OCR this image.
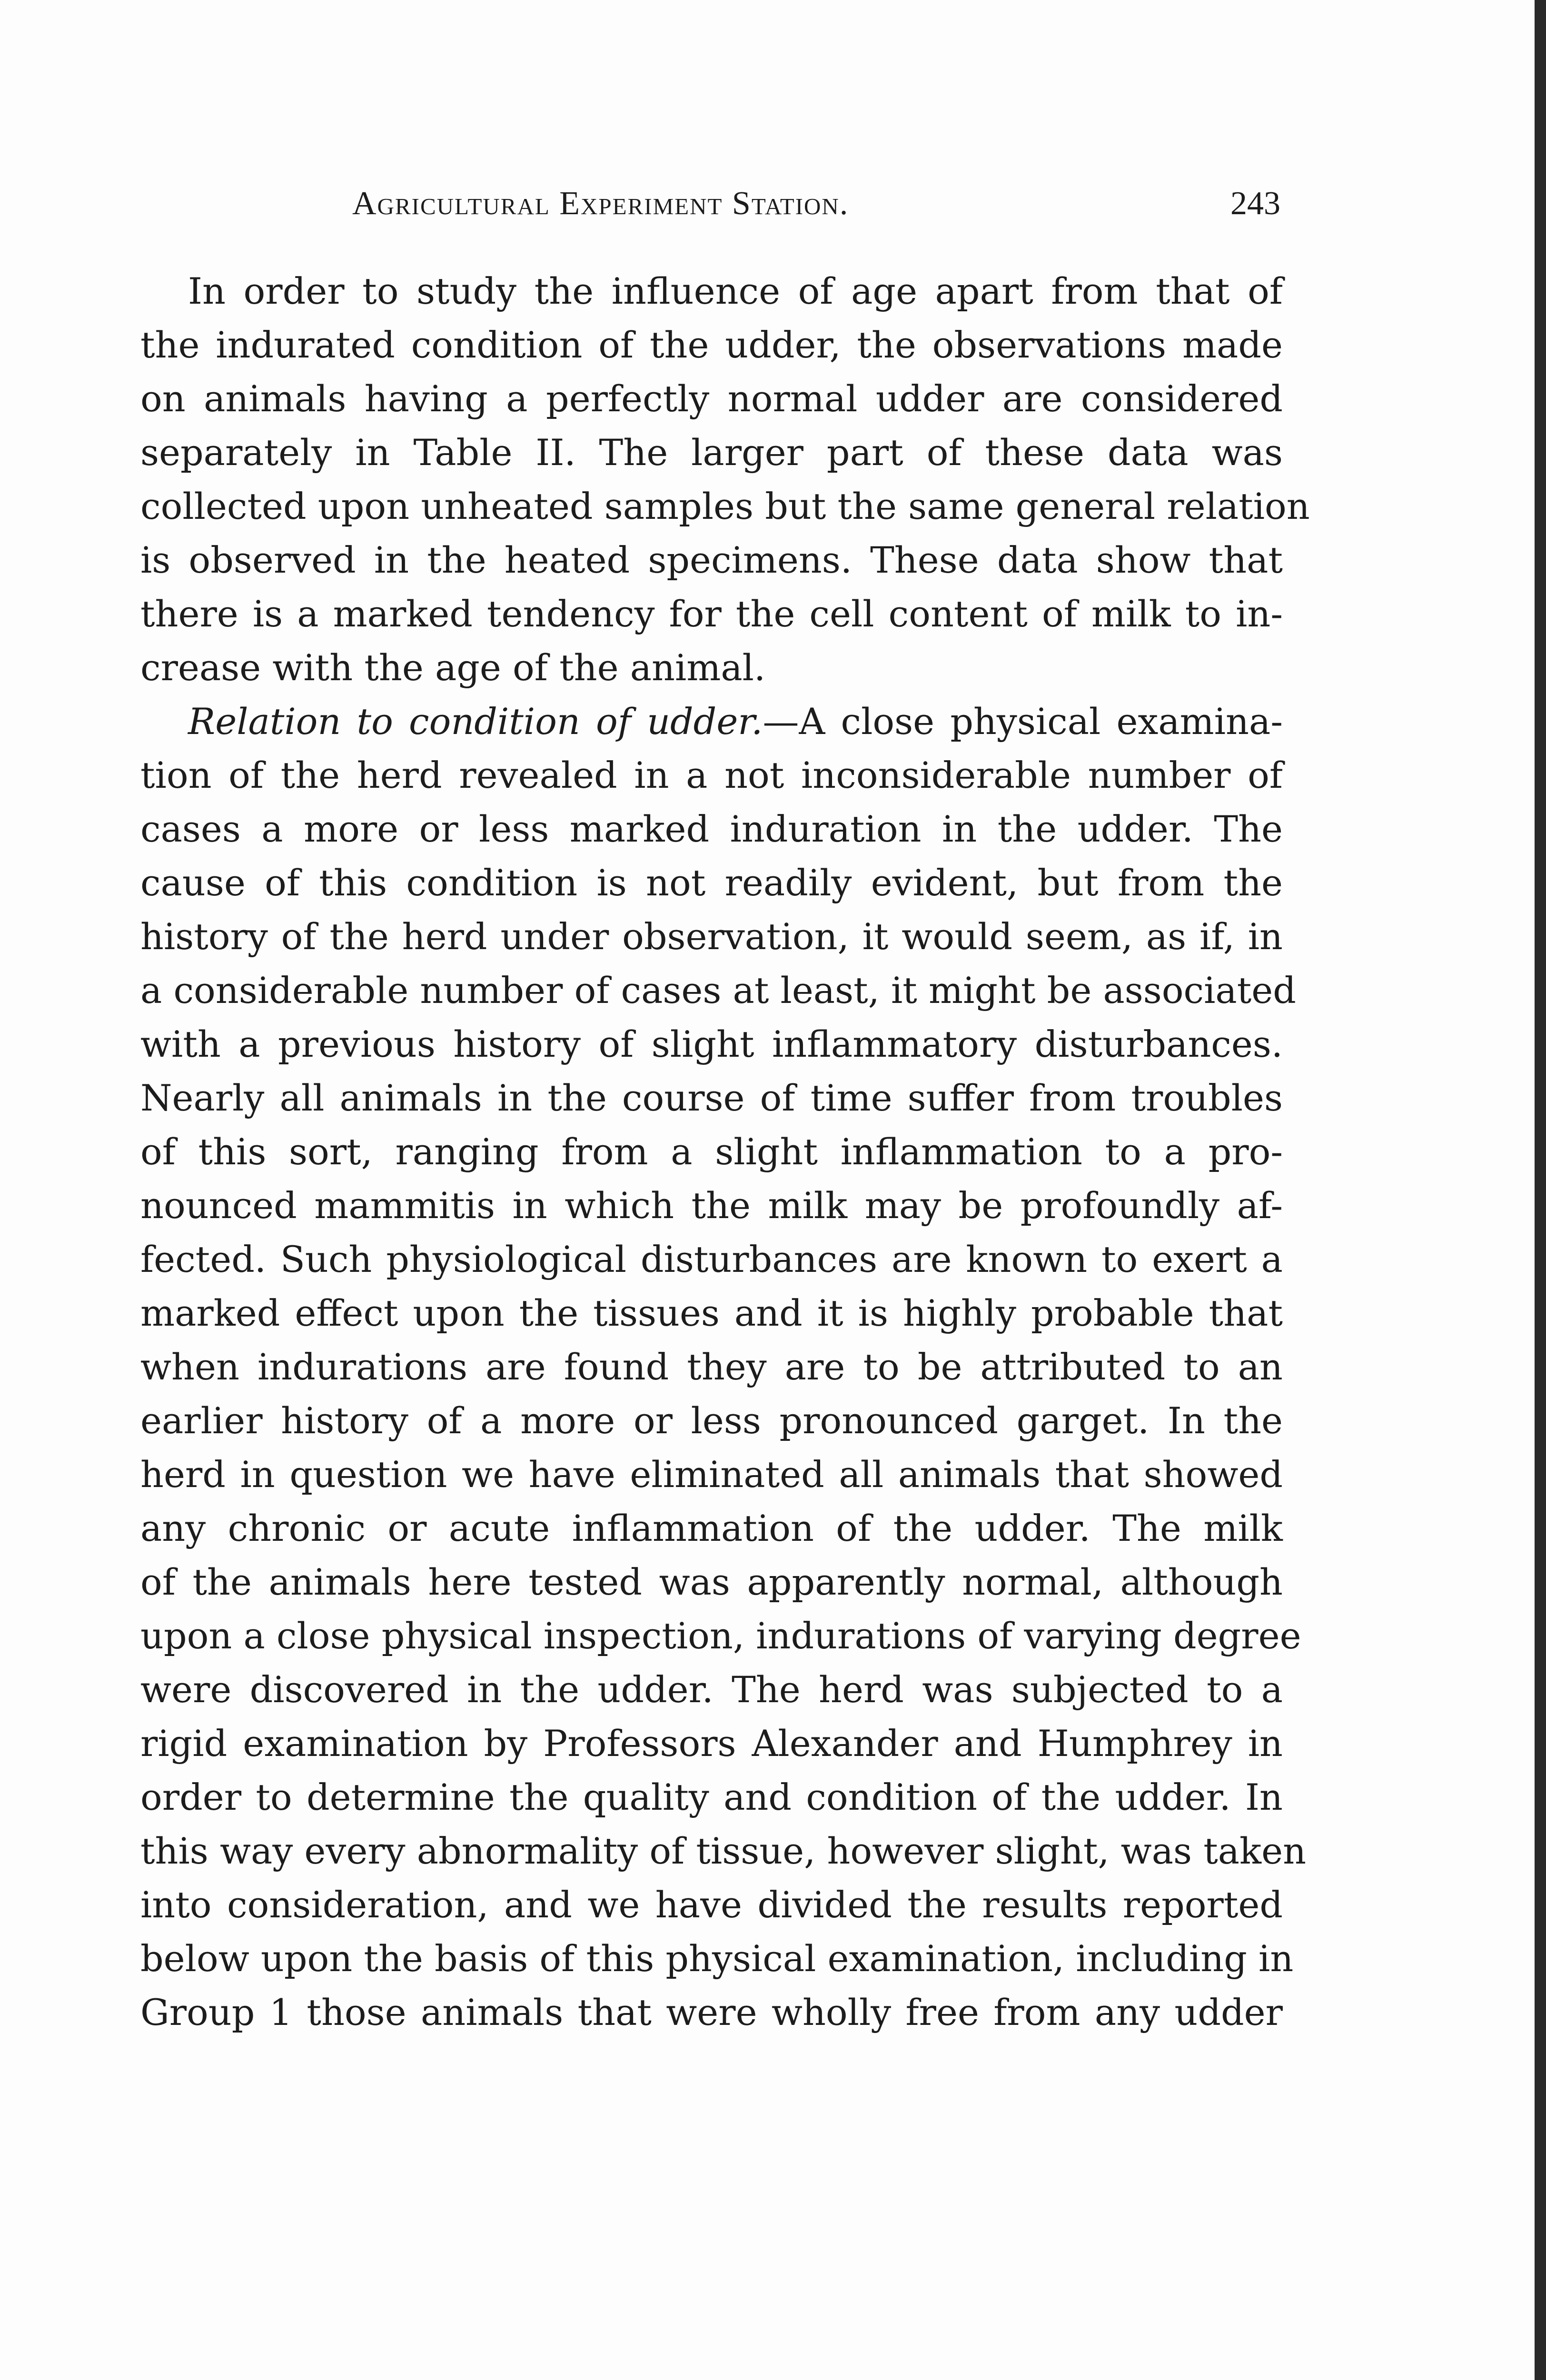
Agricultural Experiment Station.	243
In order to study the influence of age apart from that of
the indurated condition of the udder, the observations made
on animals having a perfectly normal udder are considered
separately in Table II. The larger part of these data was
collected upon unheated samples but the same general relation
is observed in the heated specimens. These data show that
there is a marked tendency for the cell content of milk to in-
crease with the age of the animal.
Relation to condition of udder.—A close physical examina-
tion of the herd revealed in a not inconsiderable number of
cases a more or less marked induration in the udder. The
cause of this condition is not readily evident, but from the
history of the herd under observation, it would seem, as if, in
a considerable number of cases at least, it might be associated
with a previous history of slight inflammatory disturbances.
Nearly all animals in the course of time suffer from troubles
of this sort, ranging from a slight inflammation to a pro-
nounced mammitis in which the milk may be profoundly af-
fected. Such physiological disturbances are known to exert a
marked effect upon the tissues and it is highly probable that
when indurations are found they are to be attributed to an
earlier history of a more or less pronounced garget. In the
herd in question we have eliminated all animals that showed
any chronic or acute inflammation of the udder. The milk
of the animals here tested was apparently normal, although
upon a close physical inspection, indurations of varying degree
were discovered in the udder. The herd was subjected to a
rigid examination by Professors Alexander and Humphrey in
order to determine the quality and condition of the udder. In
this way every abnormality of tissue, however slight, was taken
into consideration, and we have divided the results reported
below upon the basis of this physical examination, including in
Group 1 those animals that were wholly free from any udder
